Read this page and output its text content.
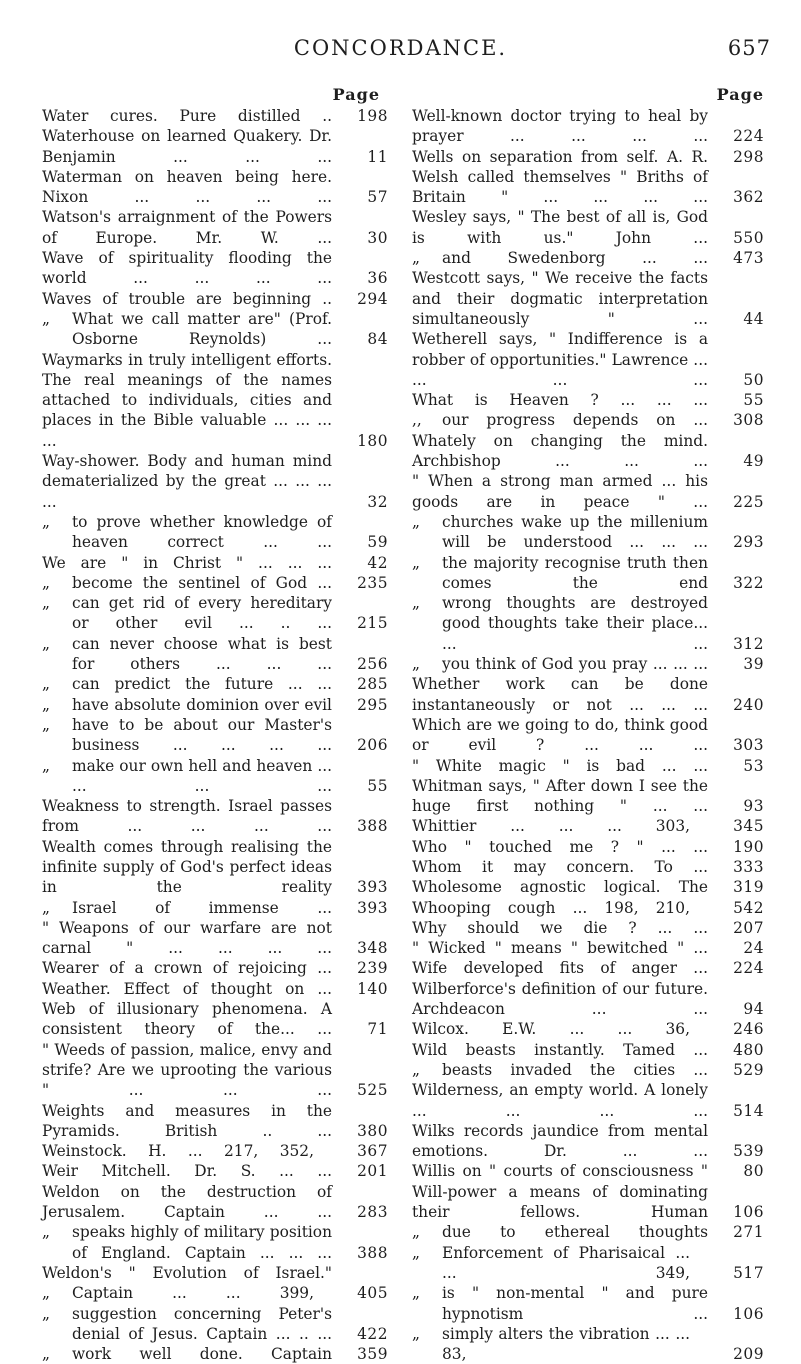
CONCORDANCE.	657
Page
Water cures. Pure distilled ..	198
Waterhouse on learned Quakery. Dr. Benjamin ... ... ...	11
Waterman on heaven being here. Nixon ... ... ... ...	57
Watson's arraignment of the Powers of Europe. Mr. W. ...	30
Wave of spirituality flooding the world ... ... ... ...	36
Waves of trouble are beginning ..	294
„	What we call matter are" (Prof. Osborne Reynolds) ...	84
Waymarks in truly intelligent efforts. The real meanings of the names attached to individuals, cities and places in the Bible valuable ... ... ... ...	180
Way-shower. Body and human mind dematerialized by the great ... ... ... ...	32
„	to prove whether knowledge of heaven correct ... ...	59
We are " in Christ " ... ... ...	42
„	become the sentinel of God ...	235
„	can get rid of every hereditary or other evil ... .. ...	215
„	can never choose what is best for others ... ... ...	256
„	can predict the future ... ...	285
„	have absolute dominion over evil	295
„	have to be about our Master's business ... ... ... ...	206
„	make our own hell and heaven ... ... ... ...	55
Weakness to strength. Israel passes from ... ... ... ...	388
Wealth comes through realising the infinite supply of God's perfect ideas in the reality	393
„	Israel of immense ...	393
" Weapons of our warfare are not carnal " ... ... ... ...	348
Wearer of a crown of rejoicing ...	239
Weather. Effect of thought on ...	140
Web of illusionary phenomena. A consistent theory of the... ...	71
" Weeds of passion, malice, envy and strife? Are we uprooting the various " ... ... ...	525
Weights and measures in the Pyramids. British .. ...	380
Weinstock. H. ... 217, 352,	367
Weir Mitchell. Dr. S. ... ...	201
Weldon on the destruction of Jerusalem. Captain ... ...	283
„	speaks highly of military position of England. Captain ... ... ...	388
Weldon's " Evolution of Israel."
„	Captain ... ... 399,	405
„	suggestion concerning Peter's denial of Jesus. Captain ... .. ...	422
„	work well done. Captain	359
Page
Well-known doctor trying to heal by prayer ... ... ... ...	224
Wells on separation from self. A. R.	298
Welsh called themselves " Briths of Britain " ... ... ... ...	362
Wesley says, " The best of all is, God is with us." John ...	550
„	and Swedenborg ... ...	473
Westcott says, " We receive the facts and their dogmatic interpretation simultaneously " ...	44
Wetherell says, " Indifference is a robber of opportunities." Lawrence ... ... ... ...	50
What is Heaven ? ... ... ...	55
,,	our progress depends on ...	308
Whately on changing the mind. Archbishop ... ... ...	49
" When a strong man armed ... his goods are in peace " ...	225
„	churches wake up the millenium will be understood ... ... ...	293
„	the majority recognise truth then comes the end	322
„	wrong thoughts are destroyed good thoughts take their place... ... ...	312
„	you think of God you pray ... ... ...	39
Whether work can be done instantaneously or not ... ... ...	240
Which are we going to do, think good or evil ? ... ... ...	303
" White magic " is bad ... ...	53
Whitman says, " After down I see the huge first nothing " ... ...	93
Whittier ... ... ... 303,	345
Who " touched me ? " ... ...	190
Whom it may concern. To ...	333
Wholesome agnostic logical. The	319
Whooping cough ... 198, 210,	542
Why should we die ? ... ...	207
" Wicked " means " bewitched " ...	24
Wife developed fits of anger ...	224
Wilberforce's definition of our future. Archdeacon ... ...	94
Wilcox. E.W. ... ... 36,	246
Wild beasts instantly. Tamed ...	480
„	beasts invaded the cities ...	529
Wilderness, an empty world. A lonely ... ... ... ...	514
Wilks records jaundice from mental emotions. Dr. ... ...	539
Willis on " courts of consciousness "	80
Will-power a means of dominating their fellows. Human	106
„	due to ethereal thoughts	271
„	Enforcement of Pharisaical ... ... 349,	517
„	is " non-mental " and pure hypnotism ...	106
„	simply alters the vibration ... ... 83,	209
